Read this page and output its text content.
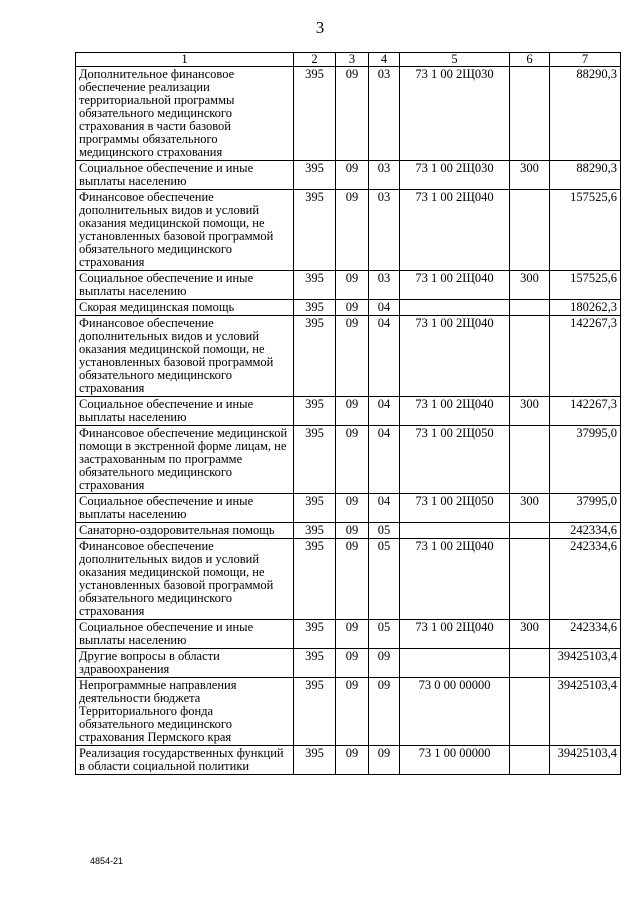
3
1	2	3	4	5	6	7
Дополнительное финансовое обеспечение реализации территориальной программы обязательного медицинского страхования в части базовой программы обязательного медицинского страхования	395	09	03	73 1 00 2Щ030		88290,3
Социальное обеспечение и иные выплаты населению	395	09	03	73 1 00 2Щ030	300	88290,3
Финансовое обеспечение дополнительных видов и условий оказания медицинской помощи, не установленных базовой программой обязательного медицинского страхования	395	09	03	73 1 00 2Щ040		157525,6
Социальное обеспечение и иные выплаты населению	395	09	03	73 1 00 2Щ040	300	157525,6
Скорая медицинская помощь	395	09	04			180262,3
Финансовое обеспечение дополнительных видов и условий оказания медицинской помощи, не установленных базовой программой обязательного медицинского страхования	395	09	04	73 1 00 2Щ040		142267,3
Социальное обеспечение и иные выплаты населению	395	09	04	73 1 00 2Щ040	300	142267,3
Финансовое обеспечение медицинской помощи в экстренной форме лицам, не застрахованным по программе обязательного медицинского страхования	395	09	04	73 1 00 2Щ050		37995,0
Социальное обеспечение и иные выплаты населению	395	09	04	73 1 00 2Щ050	300	37995,0
Санаторно-оздоровительная помощь	395	09	05			242334,6
Финансовое обеспечение дополнительных видов и условий оказания медицинской помощи, не установленных базовой программой обязательного медицинского страхования	395	09	05	73 1 00 2Щ040		242334,6
Социальное обеспечение и иные выплаты населению	395	09	05	73 1 00 2Щ040	300	242334,6
Другие вопросы в области здравоохранения	395	09	09			39425103,4
Непрограммные направления деятельности бюджета Территориального фонда обязательного медицинского страхования Пермского края	395	09	09	73 0 00 00000		39425103,4
Реализация государственных функций в области социальной политики	395	09	09	73 1 00 00000		39425103,4
4854-21
